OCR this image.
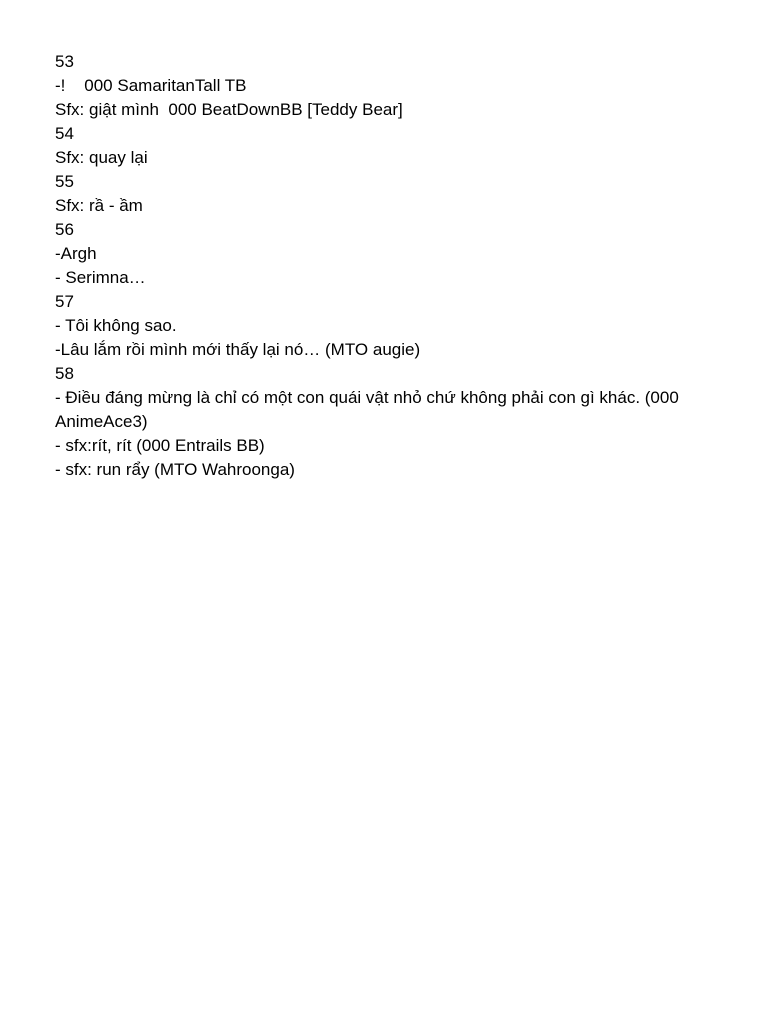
53

-!    000 SamaritanTall TB

Sfx: giật mình  000 BeatDownBB [Teddy Bear]

54

Sfx: quay lại

55

Sfx: rầ - ầm

56

-Argh

- Serimna…

57

- Tôi không sao.

-Lâu lắm rồi mình mới thấy lại nó… (MTO augie)

58

- Điều đáng mừng là chỉ có một con quái vật nhỏ chứ không phải con gì khác. (000 AnimeAce3)

- sfx:rít, rít (000 Entrails BB)

- sfx: run rẩy (MTO Wahroonga)
